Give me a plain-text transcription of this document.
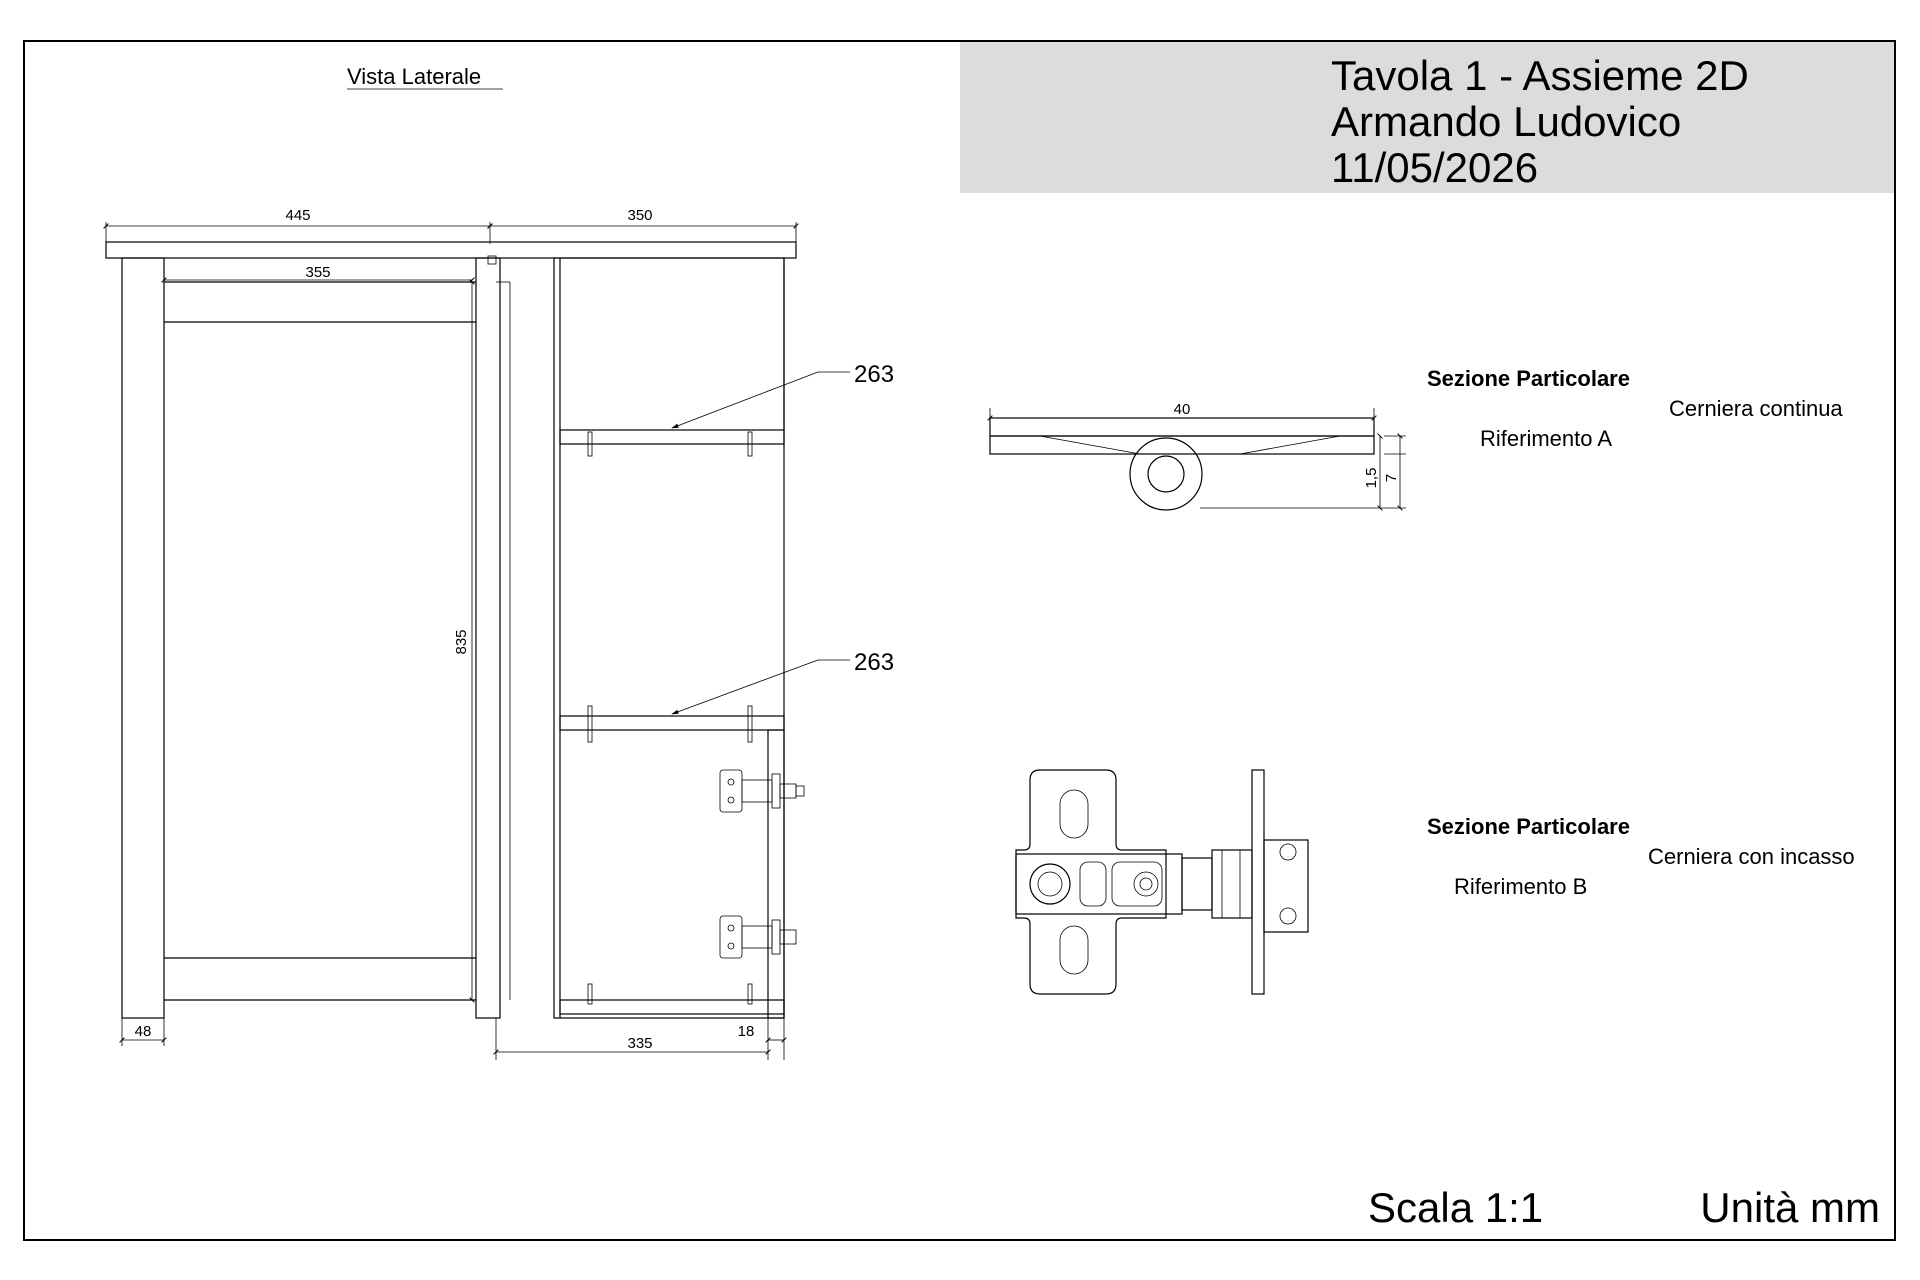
Tavola 1 - Assieme 2D
Armando Ludovico
11/05/2026
Vista Laterale
445	350
355
835
263
263
48
335
18
Sezione Particolare
Cerniera continua
Riferimento A
40
1,5 7
Sezione Particolare
Cerniera con incasso
Riferimento B
Scala 1:1	Unità mm
